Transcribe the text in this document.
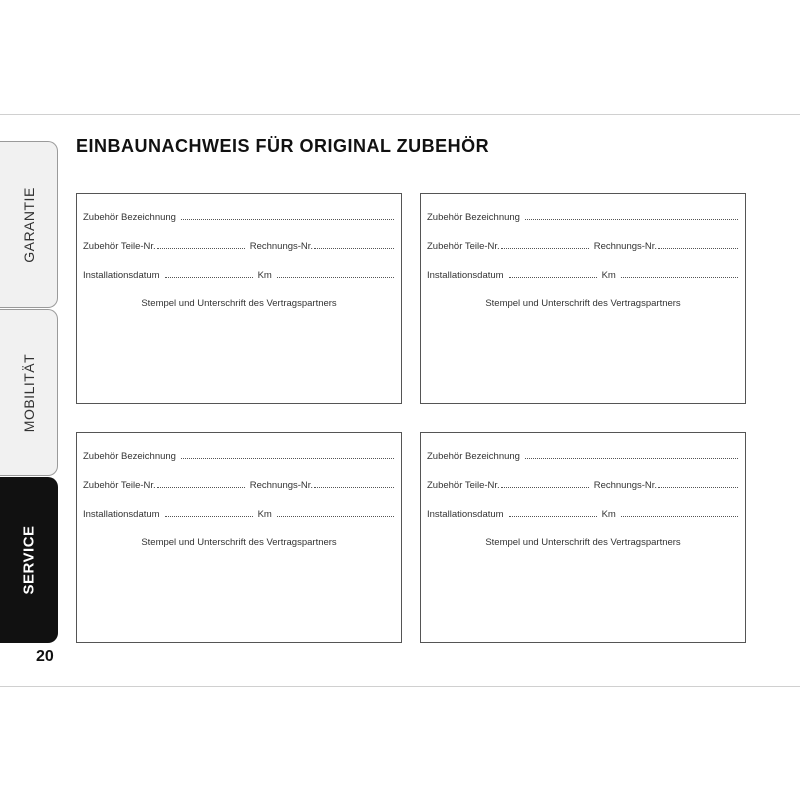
GARANTIE
MOBILITÄT
SERVICE
20
EINBAUNACHWEIS FÜR ORIGINAL ZUBEHÖR
Zubehör Bezeichnung
Zubehör Teile-Nr.	Rechnungs-Nr.
Installationsdatum	Km
Stempel und Unterschrift des Vertragspartners
Zubehör Bezeichnung
Zubehör Teile-Nr.	Rechnungs-Nr.
Installationsdatum	Km
Stempel und Unterschrift des Vertragspartners
Zubehör Bezeichnung
Zubehör Teile-Nr.	Rechnungs-Nr.
Installationsdatum	Km
Stempel und Unterschrift des Vertragspartners
Zubehör Bezeichnung
Zubehör Teile-Nr.	Rechnungs-Nr.
Installationsdatum	Km
Stempel und Unterschrift des Vertragspartners
